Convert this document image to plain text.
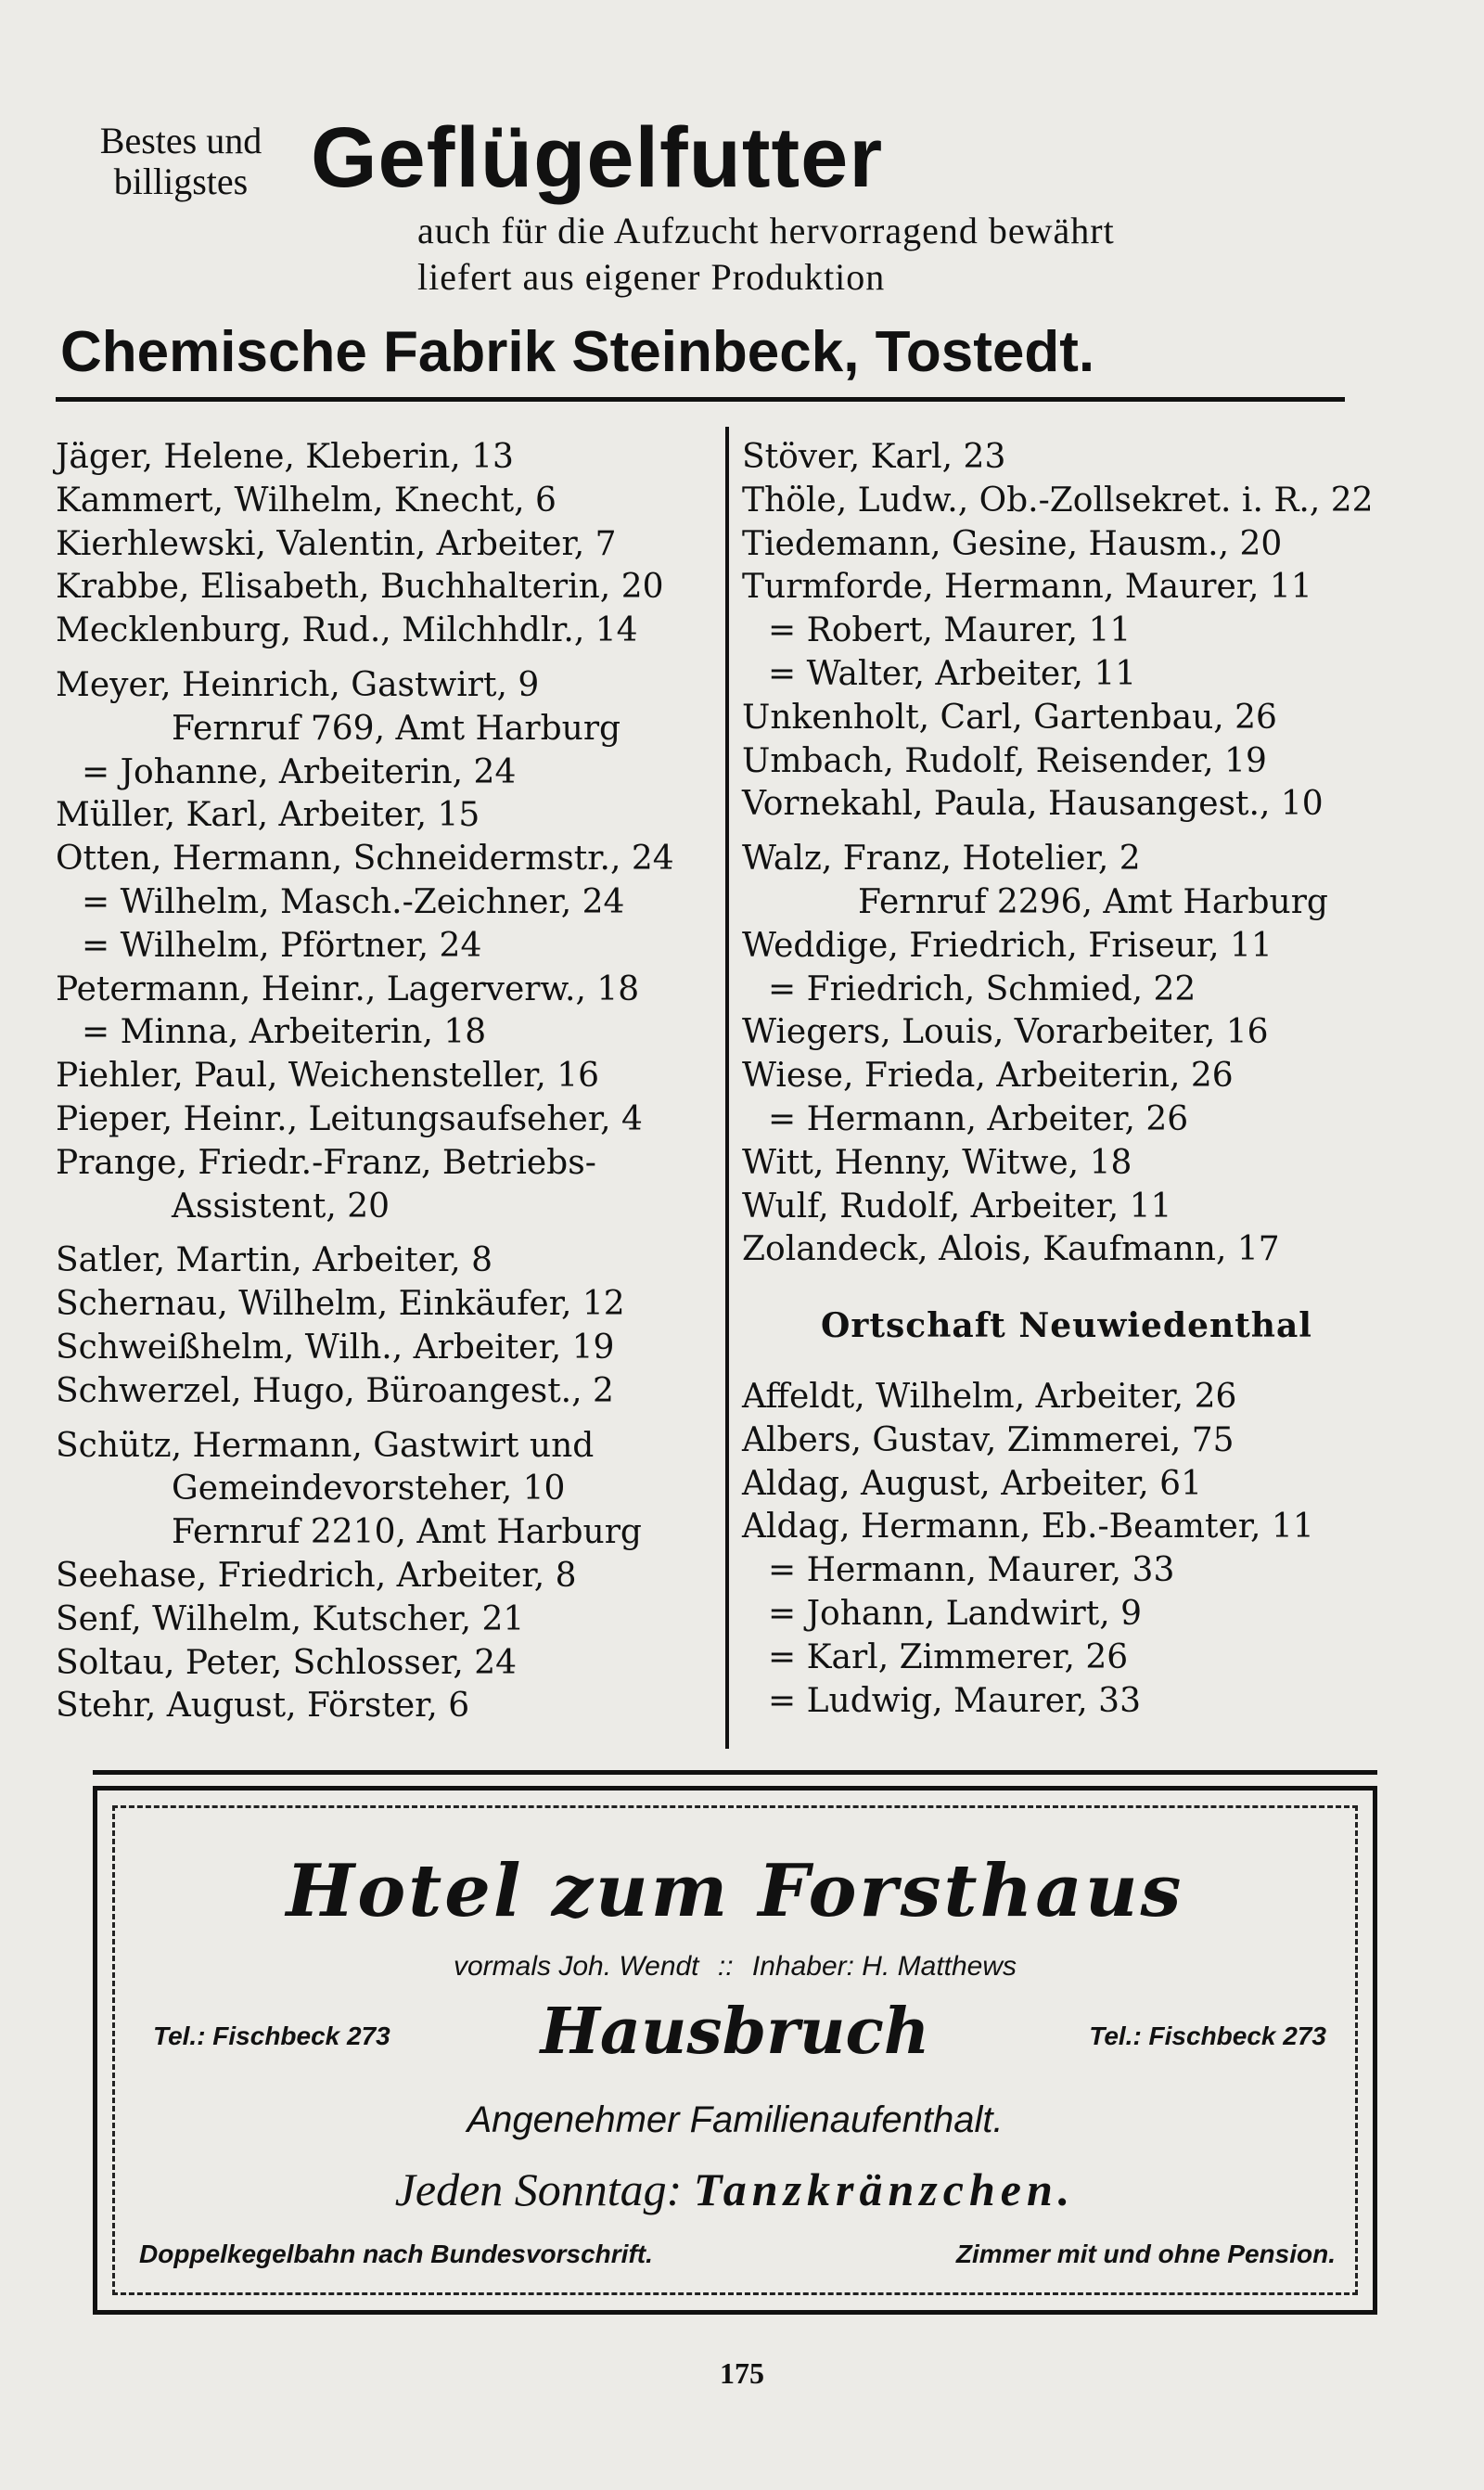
Bestes und
billigstes Geflügelfutter
auch für die Aufzucht hervorragend bewährt
liefert aus eigener Produktion
Chemische Fabrik Steinbeck, Tostedt.

Jäger, Helene, Kleberin, 13

Kammert, Wilhelm, Knecht, 6

Kierhlewski, Valentin, Arbeiter, 7

Krabbe, Elisabeth, Buchhalterin, 20

Mecklenburg, Rud., Milchhdlr., 14

Meyer, Heinrich, Gastwirt, 9

Fernruf 769, Amt Harburg

= Johanne, Arbeiterin, 24

Müller, Karl, Arbeiter, 15

Otten, Hermann, Schneidermstr., 24

= Wilhelm, Masch.-Zeichner, 24

= Wilhelm, Pförtner, 24

Petermann, Heinr., Lagerverw., 18

= Minna, Arbeiterin, 18

Piehler, Paul, Weichensteller, 16

Pieper, Heinr., Leitungsaufseher, 4

Prange, Friedr.-Franz, Betriebs-

Assistent, 20

Satler, Martin, Arbeiter, 8

Schernau, Wilhelm, Einkäufer, 12

Schweißhelm, Wilh., Arbeiter, 19

Schwerzel, Hugo, Büroangest., 2

Schütz, Hermann, Gastwirt und

Gemeindevorsteher, 10

Fernruf 2210, Amt Harburg

Seehase, Friedrich, Arbeiter, 8

Senf, Wilhelm, Kutscher, 21

Soltau, Peter, Schlosser, 24

Stehr, August, Förster, 6

Stöver, Karl, 23

Thöle, Ludw., Ob.-Zollsekret. i. R., 22

Tiedemann, Gesine, Hausm., 20

Turmforde, Hermann, Maurer, 11

= Robert, Maurer, 11

= Walter, Arbeiter, 11

Unkenholt, Carl, Gartenbau, 26

Umbach, Rudolf, Reisender, 19

Vornekahl, Paula, Hausangest., 10

Walz, Franz, Hotelier, 2

Fernruf 2296, Amt Harburg

Weddige, Friedrich, Friseur, 11

= Friedrich, Schmied, 22

Wiegers, Louis, Vorarbeiter, 16

Wiese, Frieda, Arbeiterin, 26

= Hermann, Arbeiter, 26

Witt, Henny, Witwe, 18

Wulf, Rudolf, Arbeiter, 11

Zolandeck, Alois, Kaufmann, 17

Ortschaft Neuwiedenthal

Affeldt, Wilhelm, Arbeiter, 26

Albers, Gustav, Zimmerei, 75

Aldag, August, Arbeiter, 61

Aldag, Hermann, Eb.-Beamter, 11

= Hermann, Maurer, 33

= Johann, Landwirt, 9

= Karl, Zimmerer, 26

= Ludwig, Maurer, 33

Hotel zum Forsthaus
vormals Joh. Wendt :: Inhaber: H. Matthews
Tel.: Fischbeck 273	Hausbruch	Tel.: Fischbeck 273
Angenehmer Familienaufenthalt.
Jeden Sonntag: Tanzkränzchen.
Doppelkegelbahn nach Bundesvorschrift.	Zimmer mit und ohne Pension.
175
